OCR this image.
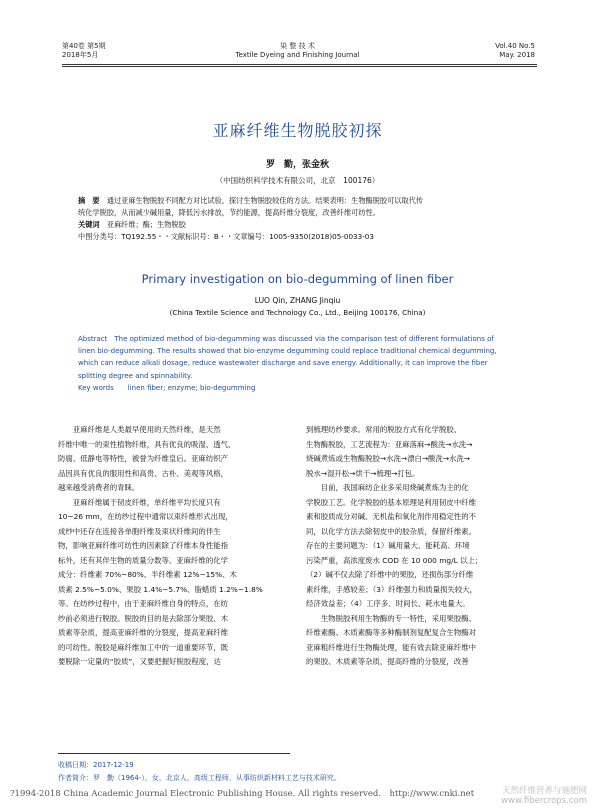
第40卷 第5期
2018年5月
染 整 技 术
Textile Dyeing and Finishing Journal
Vol.40 No.5
May. 2018
亚麻纤维生物脱胶初探
罗　勤，张金秋
（中国纺织科学技术有限公司，北京　100176）
摘　要　 通过亚麻生物脱胶不同配方对比试验，探讨生物脱胶较佳的方法。结果表明：生物酶脱胶可以取代传
统化学脱胶，从而减少碱用量，降低污水排放，节约能源，提高纤维分裂度，改善纤维可纺性。
关键词　 亚麻纤维；酶；生物脱胶
中图分类号：TQ192.55・・文献标识号：B・・文章编号：1005-9350(2018)05-0033-03
Primary investigation on bio-degumming of linen fiber
LUO Qin, ZHANG Jinqiu
(China Textile Science and Technology Co., Ltd., Beijing 100176, China)
Abstract　 The optimized method of bio-degumming was discussed via the comparison test of different formulations of
linen bio-degumming. The results showed that bio-enzyme degumming could replace traditional chemical degumming,
which can reduce alkali dosage, reduce wastewater discharge and save energy. Additionally, it can improve the fiber
splitting degree and spinnability.
Key words　　 linen fiber; enzyme; bio-degumming
　　亚麻纤维是人类最早使用的天然纤维，是天然
纤维中唯一的束性植物纤维，具有优良的吸湿、透气、
防腐、低静电等特性，被誉为纤维皇后。亚麻纺织产
品因具有优良的服用性和高贵、古朴、美观等风格，
越来越受消费者的青睐。
　　亚麻纤维属于韧皮纤维，单纤维平均长度只有
10~26 mm，在纺纱过程中通常以束纤维形式出现，
成纱中还存在连接各单胞纤维及束状纤维间的伴生
物，影响亚麻纤维可纺性的因素除了纤维本身性能指
标外，还有其伴生物的质量分数等。亚麻纤维的化学
成分：纤维素 70%~80%、半纤维素 12%~15%、木
质素 2.5%~5.0%、果胶 1.4%~5.7%、脂蜡质 1.2%~1.8%
等。在纺纱过程中，由于亚麻纤维自身的特点，在纺
纱前必须进行脱胶。脱胶的目的是去除部分果胶、木
质素等杂质，提高亚麻纤维的分裂度，提高亚麻纤维
的可纺性。脱胶是麻纤维加工中的一道重要环节，既
要脱除一定量的“胶质”，又要把握好脱胶程度，达
到梳理纺纱要求。常用的脱胶方式有化学脱胶、
生物酶脱胶，工艺流程为：亚麻落麻→酸洗→水洗→
烧碱煮炼或生物酶脱胶→水洗→漂白→酸洗→水洗→
脱水→湿开松→烘干→梳理→打包。
　　目前，我国麻纺企业多采用烧碱煮炼为主的化
学脱胶工艺。化学脱胶的基本原理是利用韧皮中纤维
素和胶质成分对碱、无机盐和氧化剂作用稳定性的不
同，以化学方法去除韧皮中的胶杂质，保留纤维素。
存在的主要问题为：（1）碱用量大、能耗高、环境
污染严重，高浓度废水 COD 在 10 000 mg/L 以上；
（2）碱不仅去除了纤维中的果胶，还损伤部分纤维
素纤维，手感较差；（3）纤维强力和质量损失较大，
经济效益差；（4）工序多、时间长、耗水电量大。
　　生物脱胶利用生物酶的专一特性，采用果胶酶、
纤维素酶、木质素酶等多种酶制剂复配复合生物酶对
亚麻粗纤维进行生物酶处理，能有效去除亚麻纤维中
的果胶、木质素等杂质，提高纤维的分裂度，改善
收稿日期：2017-12-19
作者简介：罗　勤（1964-），女，北京人，高级工程师，从事纺织新材料工艺与技术研究。
?1994-2018 China Academic Journal Electronic Publishing House. All rights reserved.　http://www.cnki.net	天然纤维营养与施肥网
www.fibercrops.com
